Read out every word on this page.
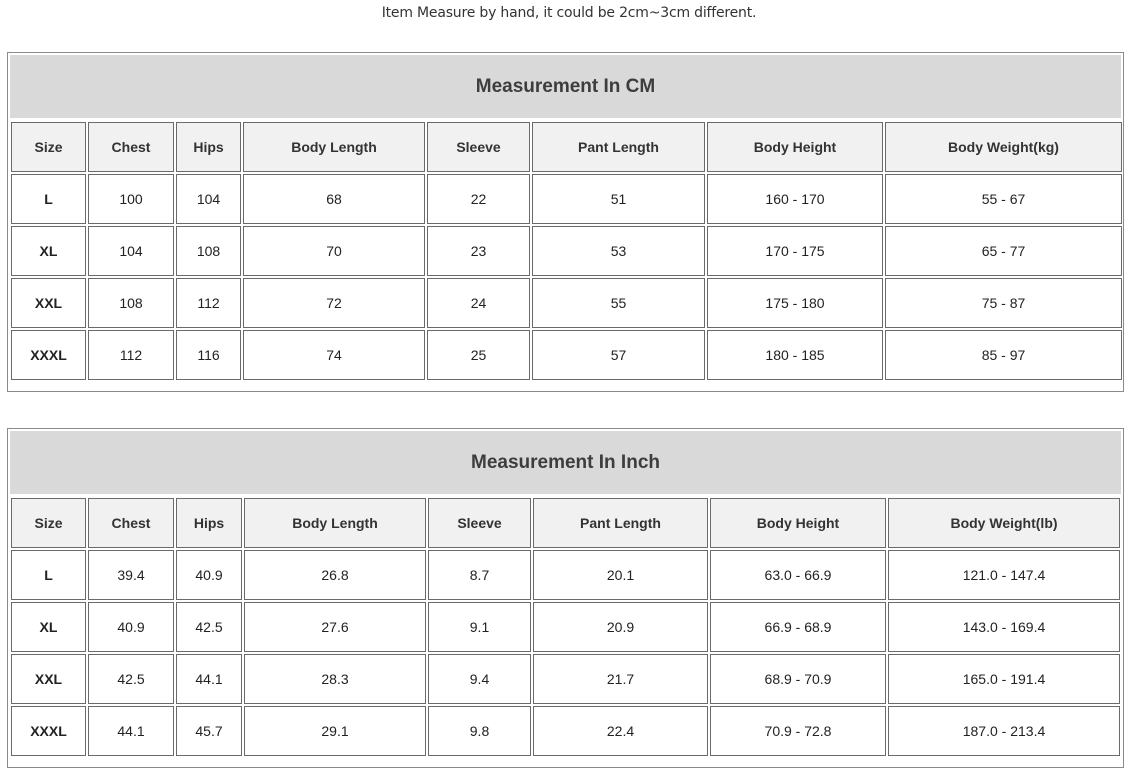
Item Measure by hand, it could be 2cm~3cm different.
Measurement In CM
Size	Chest	Hips	Body Length	Sleeve	Pant Length	Body Height	Body Weight(kg)
L	100	104	68	22	51	160 - 170	55 - 67
XL	104	108	70	23	53	170 - 175	65 - 77
XXL	108	112	72	24	55	175 - 180	75 - 87
XXXL	112	116	74	25	57	180 - 185	85 - 97
Measurement In Inch
Size	Chest	Hips	Body Length	Sleeve	Pant Length	Body Height	Body Weight(lb)
L	39.4	40.9	26.8	8.7	20.1	63.0 - 66.9	121.0 - 147.4
XL	40.9	42.5	27.6	9.1	20.9	66.9 - 68.9	143.0 - 169.4
XXL	42.5	44.1	28.3	9.4	21.7	68.9 - 70.9	165.0 - 191.4
XXXL	44.1	45.7	29.1	9.8	22.4	70.9 - 72.8	187.0 - 213.4
